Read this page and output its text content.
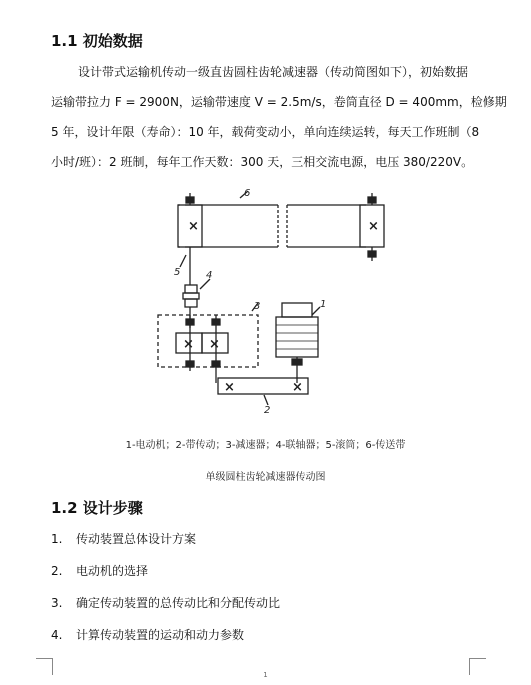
1.1 初始数据
设计带式运输机传动一级直齿圆柱齿轮减速器（传动简图如下），初始数据
运输带拉力 F = 2900N，运输带速度 V = 2.5m/s，卷筒直径 D = 400mm，检修期
5 年，设计年限（寿命）：10 年，载荷变动小，单向连续运转，每天工作班制（8
小时/班）：2 班制，每年工作天数：300 天，三相交流电源，电压 380/220V。
×	×
× ×
×	×
1
2
3
4
5
6
1-电动机；2-带传动；3-减速器；4-联轴器；5-滚筒；6-传送带
单级圆柱齿轮减速器传动图
1.2 设计步骤
1. 传动装置总体设计方案
2. 电动机的选择
3. 确定传动装置的总传动比和分配传动比
4. 计算传动装置的运动和动力参数
1
